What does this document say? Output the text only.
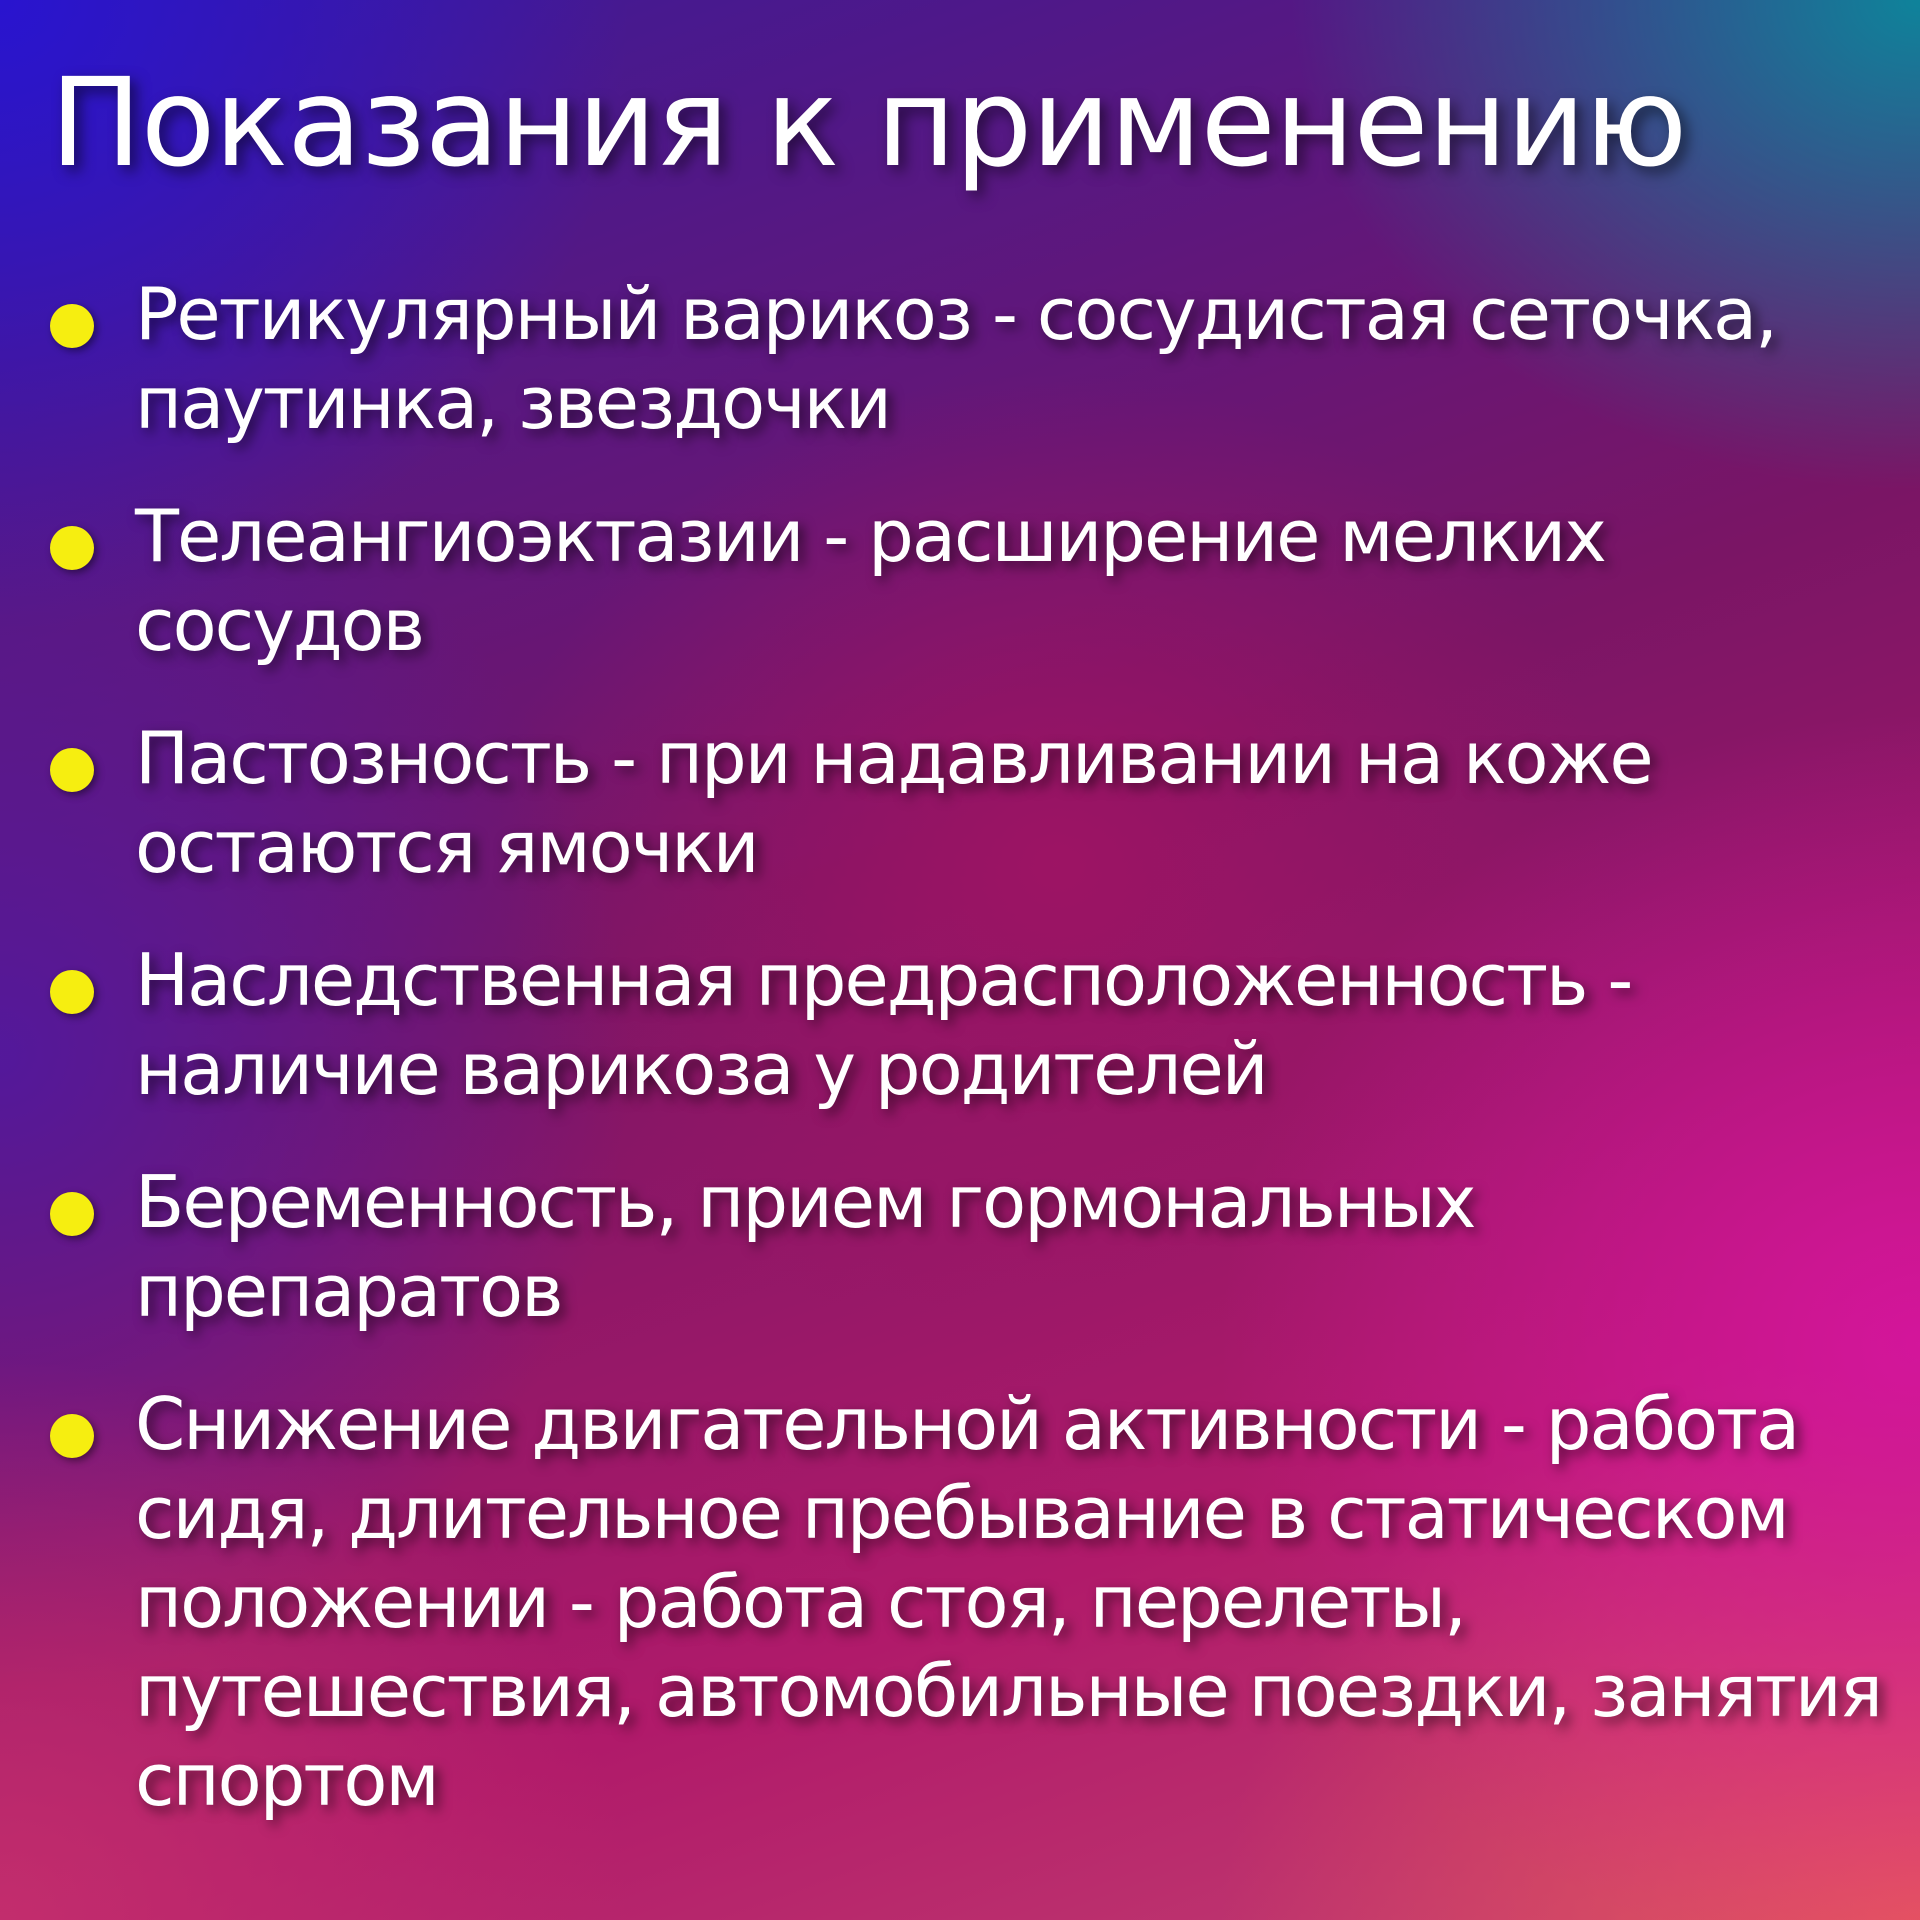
Показания к применению
Ретикулярный варикоз - сосудистая сеточка, паутинка, звездочки
Телеангиоэктазии - расширение мелких сосудов
Пастозность - при надавливании на коже остаются ямочки
Наследственная предрасположенность - наличие варикоза у родителей
Беременность, прием гормональных препаратов
Снижение двигательной активности - работа сидя, длительное пребывание в статическом положении - работа стоя, перелеты, путешествия, автомобильные поездки, занятия спортом
